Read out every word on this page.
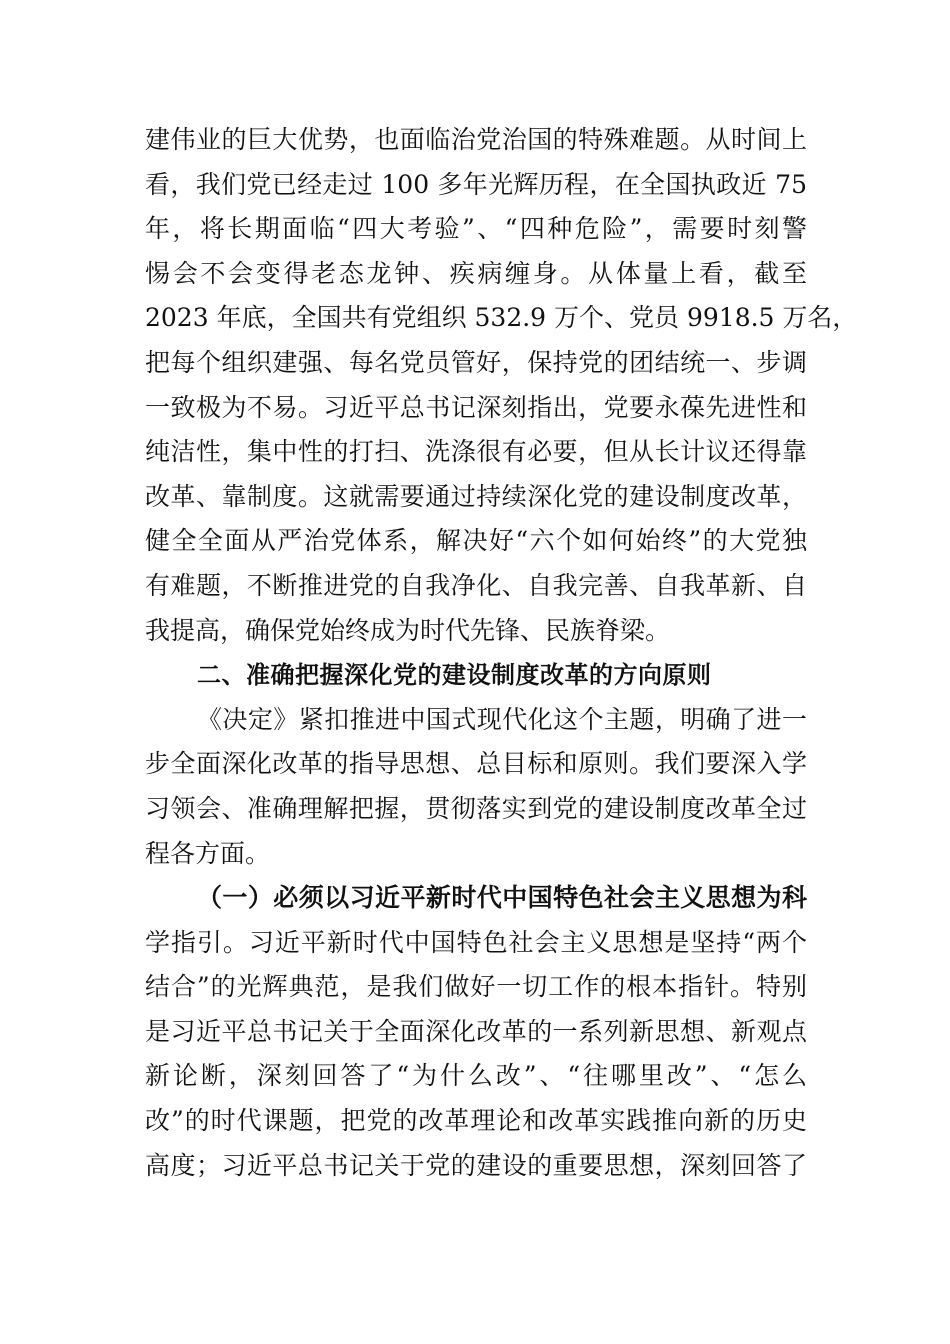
建伟业的巨大优势，也面临治党治国的特殊难题。从时间上
看，我们党已经走过 100 多年光辉历程，在全国执政近 75
年，将长期面临“四大考验”、“四种危险”，需要时刻警
惕会不会变得老态龙钟、疾病缠身。从体量上看，截至
2023 年底，全国共有党组织 532.9 万个、党员 9918.5 万名，
把每个组织建强、每名党员管好，保持党的团结统一、步调
一致极为不易。习近平总书记深刻指出，党要永葆先进性和
纯洁性，集中性的打扫、洗涤很有必要，但从长计议还得靠
改革、靠制度。这就需要通过持续深化党的建设制度改革，
健全全面从严治党体系，解决好“六个如何始终”的大党独
有难题，不断推进党的自我净化、自我完善、自我革新、自
我提高，确保党始终成为时代先锋、民族脊梁。
二、准确把握深化党的建设制度改革的方向原则
《决定》紧扣推进中国式现代化这个主题，明确了进一
步全面深化改革的指导思想、总目标和原则。我们要深入学
习领会、准确理解把握，贯彻落实到党的建设制度改革全过
程各方面。
（一）必须以习近平新时代中国特色社会主义思想为科
学指引。习近平新时代中国特色社会主义思想是坚持“两个
结合”的光辉典范，是我们做好一切工作的根本指针。特别
是习近平总书记关于全面深化改革的一系列新思想、新观点
新论断，深刻回答了“为什么改”、“往哪里改”、“怎么
改”的时代课题，把党的改革理论和改革实践推向新的历史
高度；习近平总书记关于党的建设的重要思想，深刻回答了
